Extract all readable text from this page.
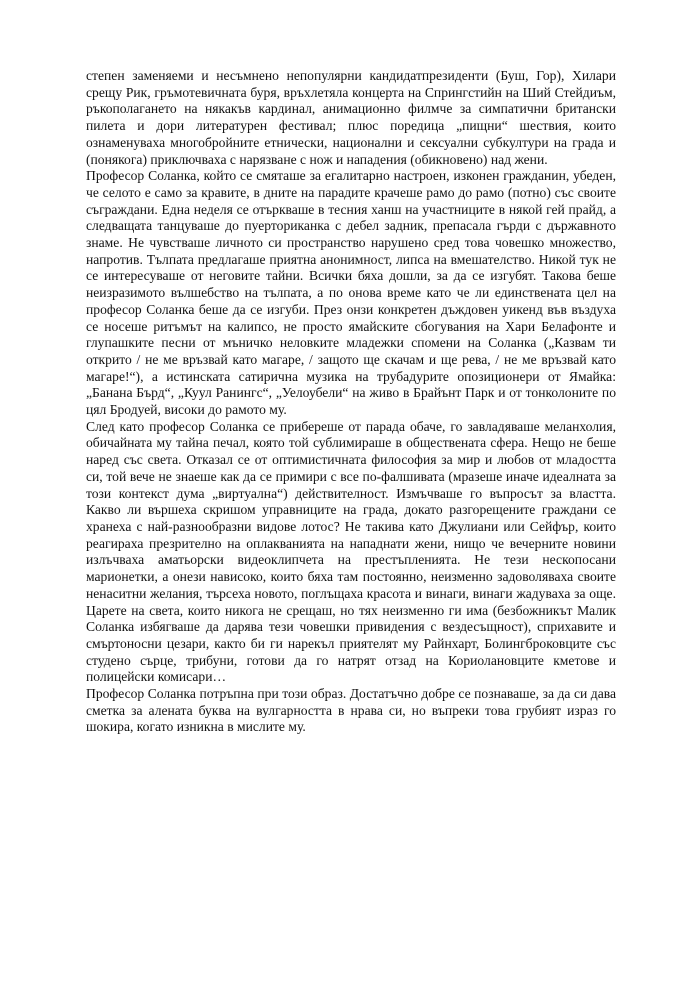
степен заменяеми и несъмнено непопулярни кандидатпрезиденти (Буш, Гор), Хилари срещу Рик, гръмотевичната буря, връхлетяла концерта на Спрингстийн на Ший Стейдиъм, ръкополагането на някакъв кардинал, анимационно филмче за симпатични британски пилета и дори литературен фестивал; плюс поредица „пищни“ шествия, които ознаменуваха многобройните етнически, национални и сексуални субкултури на града и (понякога) приключваха с нарязване с нож и нападения (обикновено) над жени.

Професор Соланка, който се смяташе за егалитарно настроен, изконен гражданин, убеден, че селото е само за кравите, в дните на парадите крачеше рамо до рамо (потно) със своите съграждани. Една неделя се отъркваше в тесния ханш на участниците в някой гей прайд, а следващата танцуваше до пуерториканка с дебел задник, препасала гърди с държавното знаме. Не чувстваше личното си пространство нарушено сред това човешко множество, напротив. Тълпата предлагаше приятна анонимност, липса на вмешателство. Никой тук не се интересуваше от неговите тайни. Всички бяха дошли, за да се изгубят. Такова беше неизразимото вълшебство на тълпата, а по онова време като че ли единствената цел на професор Соланка беше да се изгуби. През онзи конкретен дъждовен уикенд във въздуха се носеше ритъмът на калипсо, не просто ямайските сбогувания на Хари Белафонте и глупашките песни от мъничко неловките младежки спомени на Соланка („Казвам ти открито / не ме връзвай като магаре, / защото ще скачам и ще рева, / не ме връзвай като магаре!“), а истинската сатирична музика на трубадурите опозиционери от Ямайка: „Банана Бърд“, „Куул Ранингс“, „Уелоубели“ на живо в Брайънт Парк и от тонколоните по цял Бродуей, високи до рамото му.

След като професор Соланка се прибереше от парада обаче, го завладяваше меланхолия, обичайната му тайна печал, която той сублимираше в обществената сфера. Нещо не беше наред със света. Отказал се от оптимистичната философия за мир и любов от младостта си, той вече не знаеше как да се примири с все по-фалшивата (мразеше иначе идеалната за този контекст дума „виртуална“) действителност. Измъчваше го въпросът за властта. Какво ли вършеха скришом управниците на града, докато разгорещените граждани се хранеха с най-разнообразни видове лотос? Не такива като Джулиани или Сейфър, които реагираха презрително на оплакванията на нападнати жени, нищо че вечерните новини излъчваха аматьорски видеоклипчета на престъпленията. Не тези нескопосани марионетки, а онези нависоко, които бяха там постоянно, неизменно задоволяваха своите ненаситни желания, търсеха новото, поглъщаха красота и винаги, винаги жадуваха за още. Царете на света, които никога не срещаш, но тях неизменно ги има (безбожникът Малик Соланка избягваше да дарява тези човешки привидения с вездесъщност), сприхавите и смъртоносни цезари, както би ги нарекъл приятелят му Райнхарт, Болингброковците със студено сърце, трибуни, готови да го натрят отзад на Кориолановците кметове и полицейски комисари…

Професор Соланка потръпна при този образ. Достатъчно добре се познаваше, за да си дава сметка за алената буква на вулгарността в нрава си, но въпреки това грубият израз го шокира, когато изникна в мислите му.
